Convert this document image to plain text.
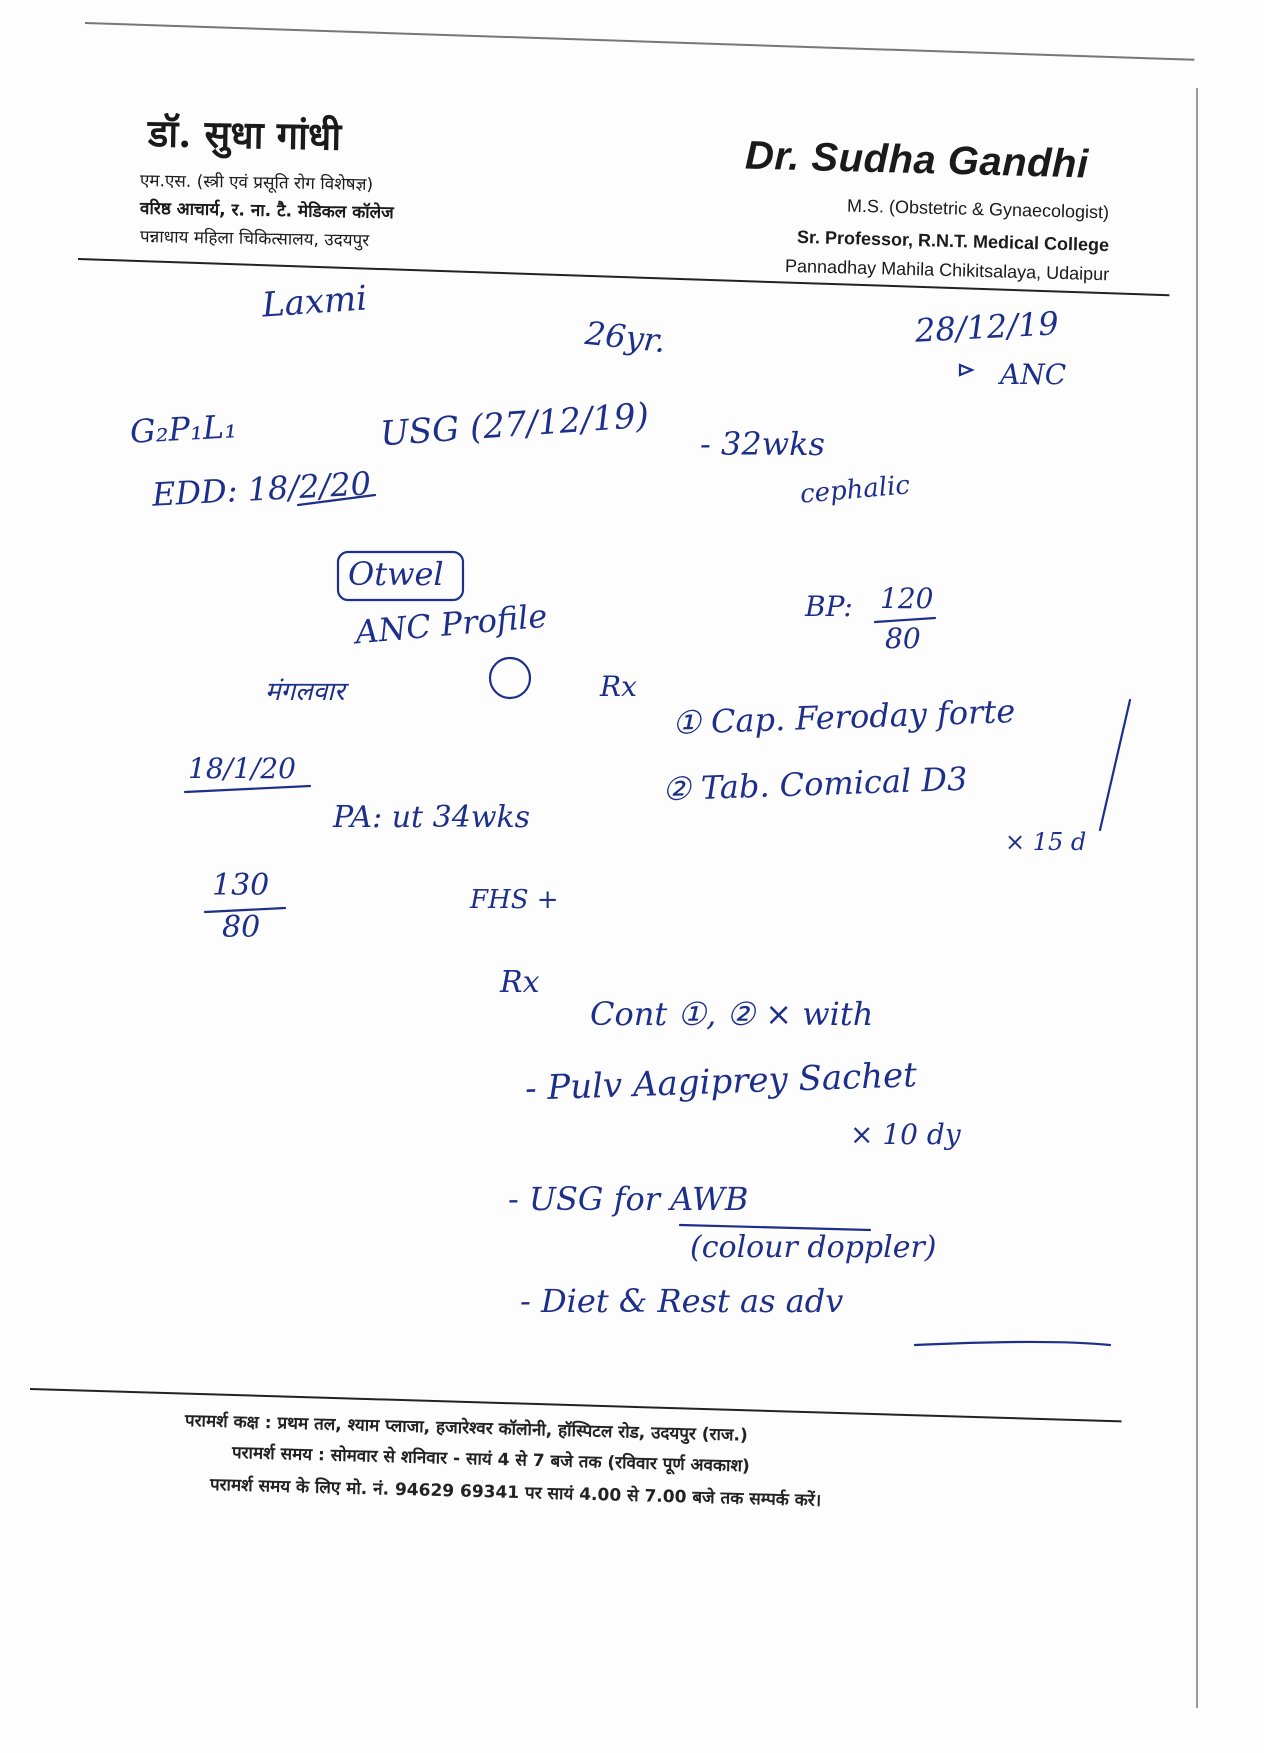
डॉ. सुधा गांधी
एम.एस. (स्त्री एवं प्रसूति रोग विशेषज्ञ)
वरिष्ठ आचार्य, र. ना. टै. मेडिकल कॉलेज
पन्नाधाय महिला चिकित्सालय, उदयपुर
Dr. Sudha Gandhi
M.S. (Obstetric & Gynaecologist)
Sr. Professor, R.N.T. Medical College
Pannadhay Mahila Chikitsalaya, Udaipur
Laxmi
26yr.	28/12/19
ANC
G₂P₁L₁	USG (27/12/19) - 32wks
cephalic
EDD: 18/2/20
Otwel
ANC Profile	BP: 120
80
मंगलवार	Rx
① Cap. Feroday forte
② Tab. Comical D3
× 15 d
18/1/20
PA: ut 34wks
FHS +
130
80
Rx
Cont ①, ② × with
- Pulv Aagiprey Sachet
× 10 dy
- USG for AWB
(colour doppler)
- Diet & Rest as adv
परामर्श कक्ष : प्रथम तल, श्याम प्लाजा, हजारेश्वर कॉलोनी, हॉस्पिटल रोड, उदयपुर (राज.)
परामर्श समय : सोमवार से शनिवार - सायं 4 से 7 बजे तक (रविवार पूर्ण अवकाश)
परामर्श समय के लिए मो. नं. 94629 69341 पर सायं 4.00 से 7.00 बजे तक सम्पर्क करें।
